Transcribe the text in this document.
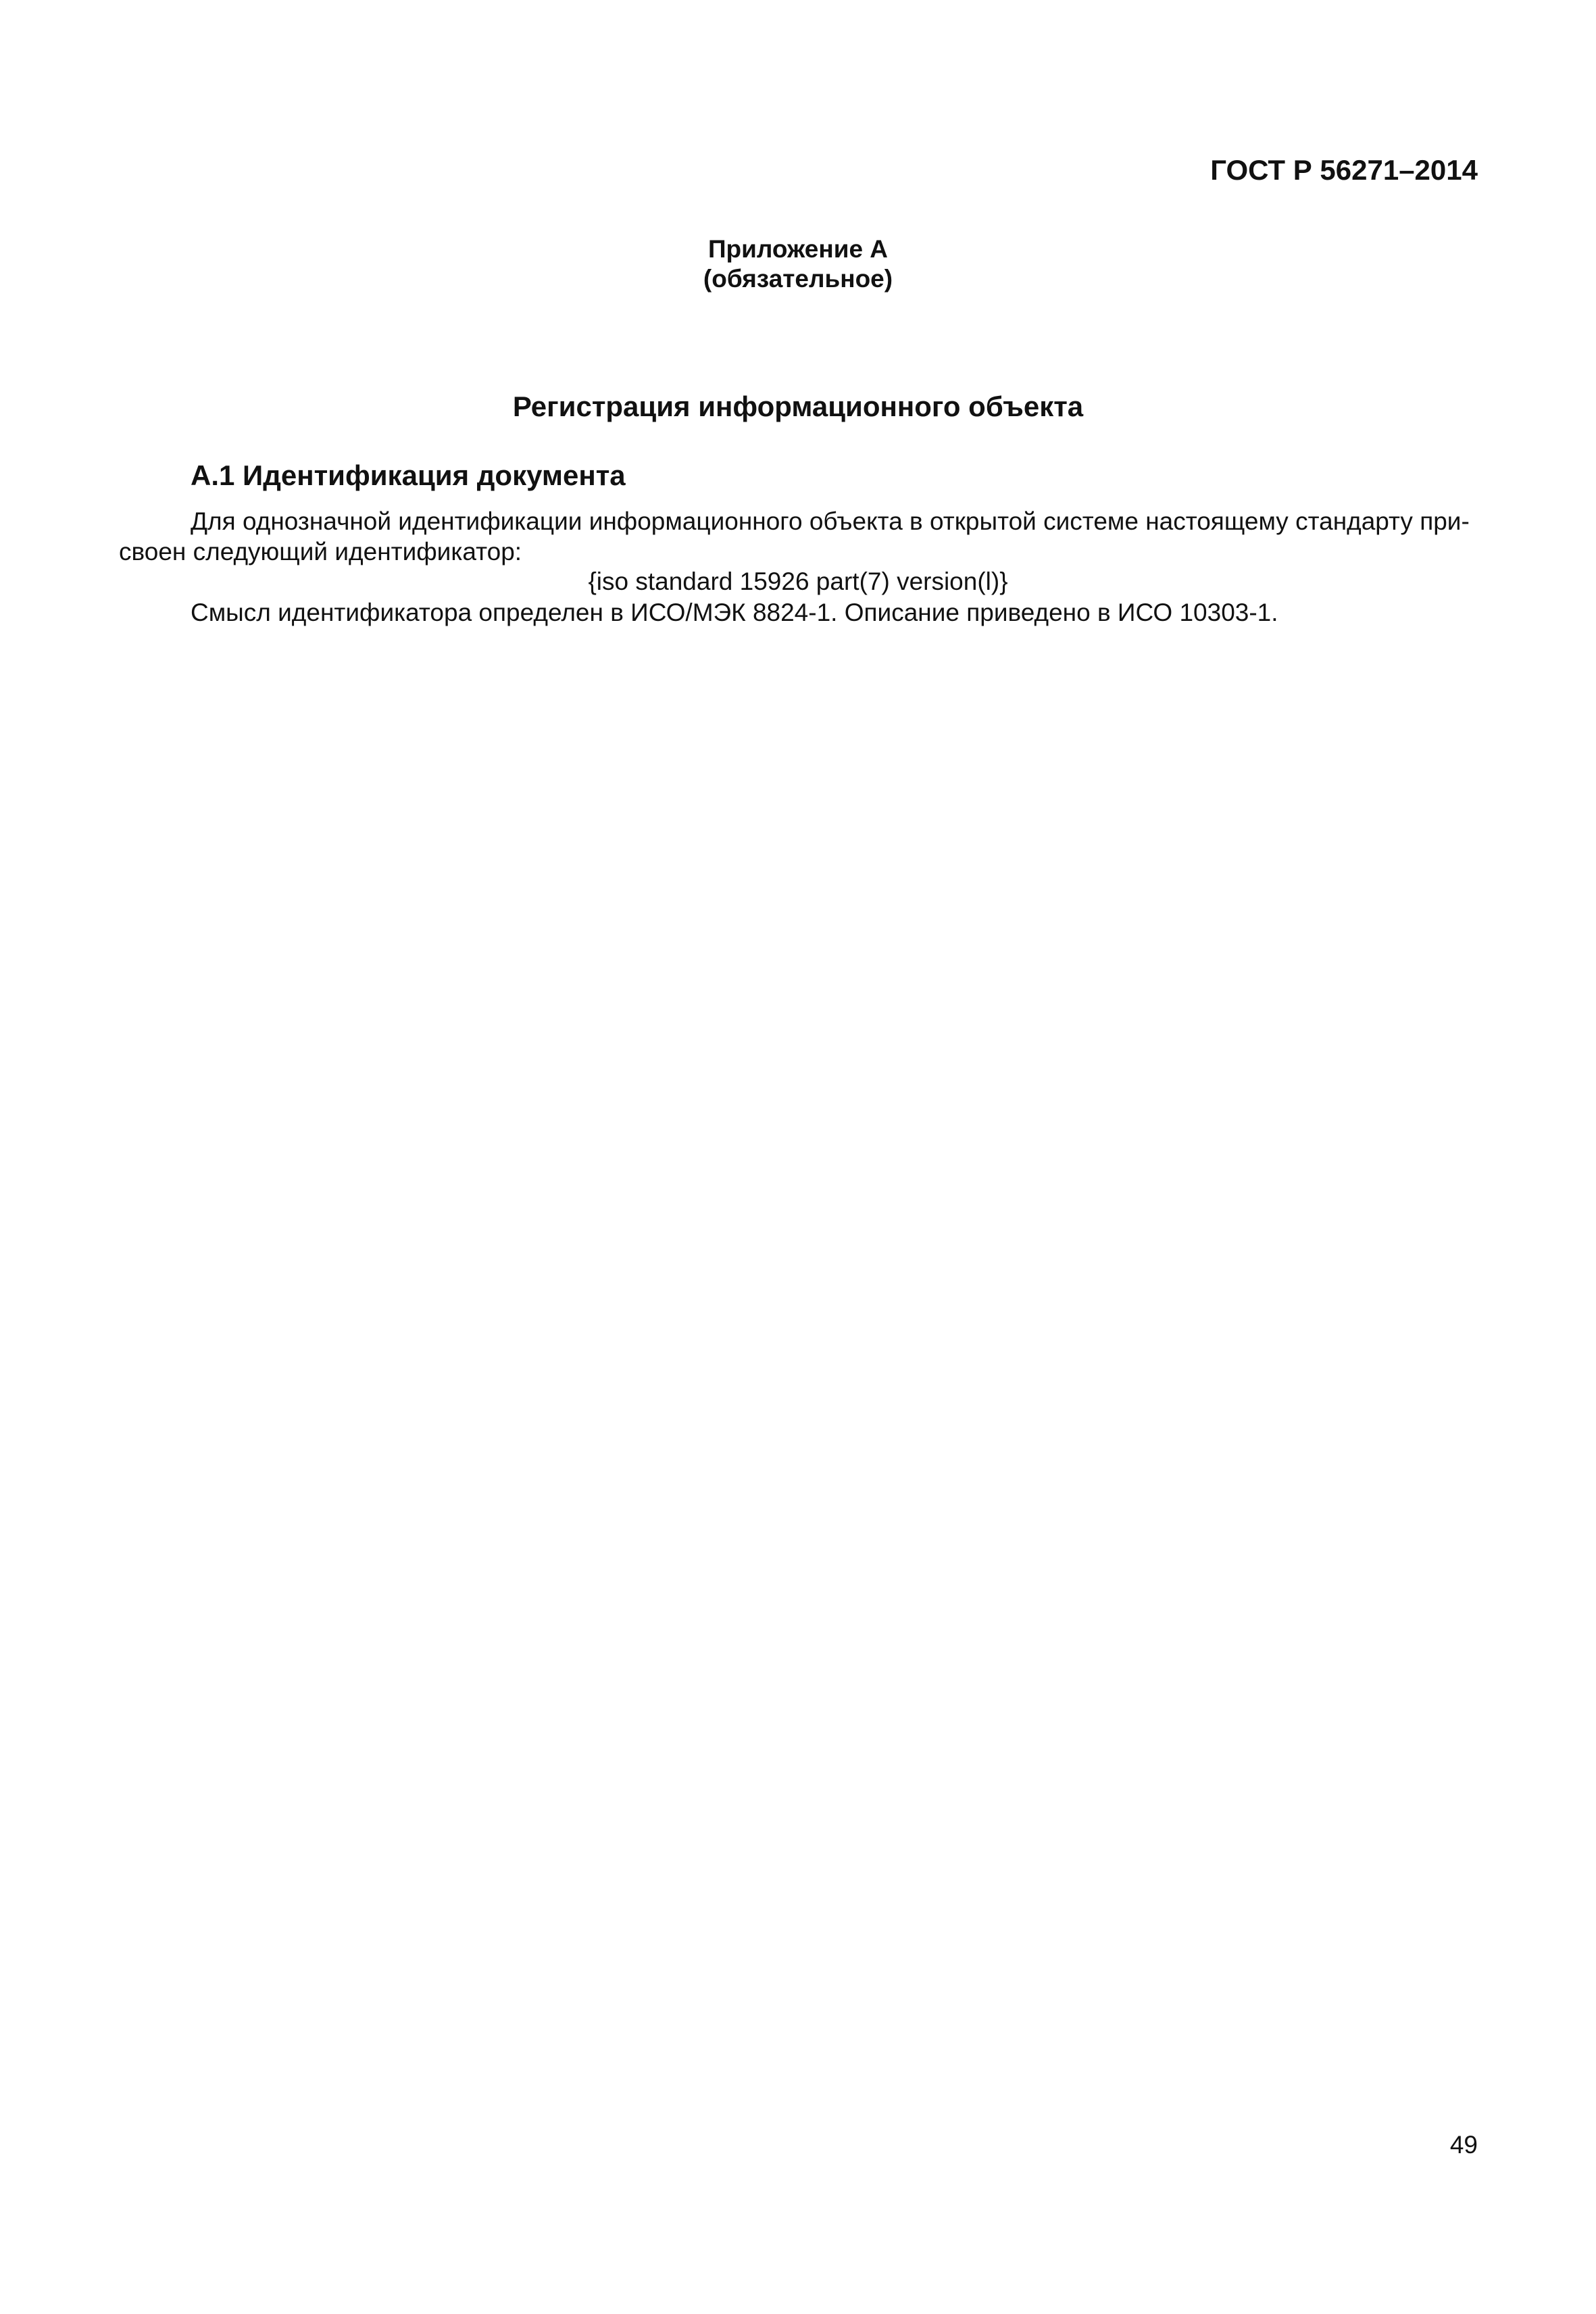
ГОСТ Р 56271–2014
Приложение А
(обязательное)
Регистрация информационного объекта
А.1 Идентификация документа
Для однозначной идентификации информационного объекта в открытой системе настоящему стандарту при-
своен следующий идентификатор:
{iso standard 15926 part(7) version(l)}
Смысл идентификатора определен в ИСО/МЭК 8824-1. Описание приведено в ИСО 10303-1.
49
